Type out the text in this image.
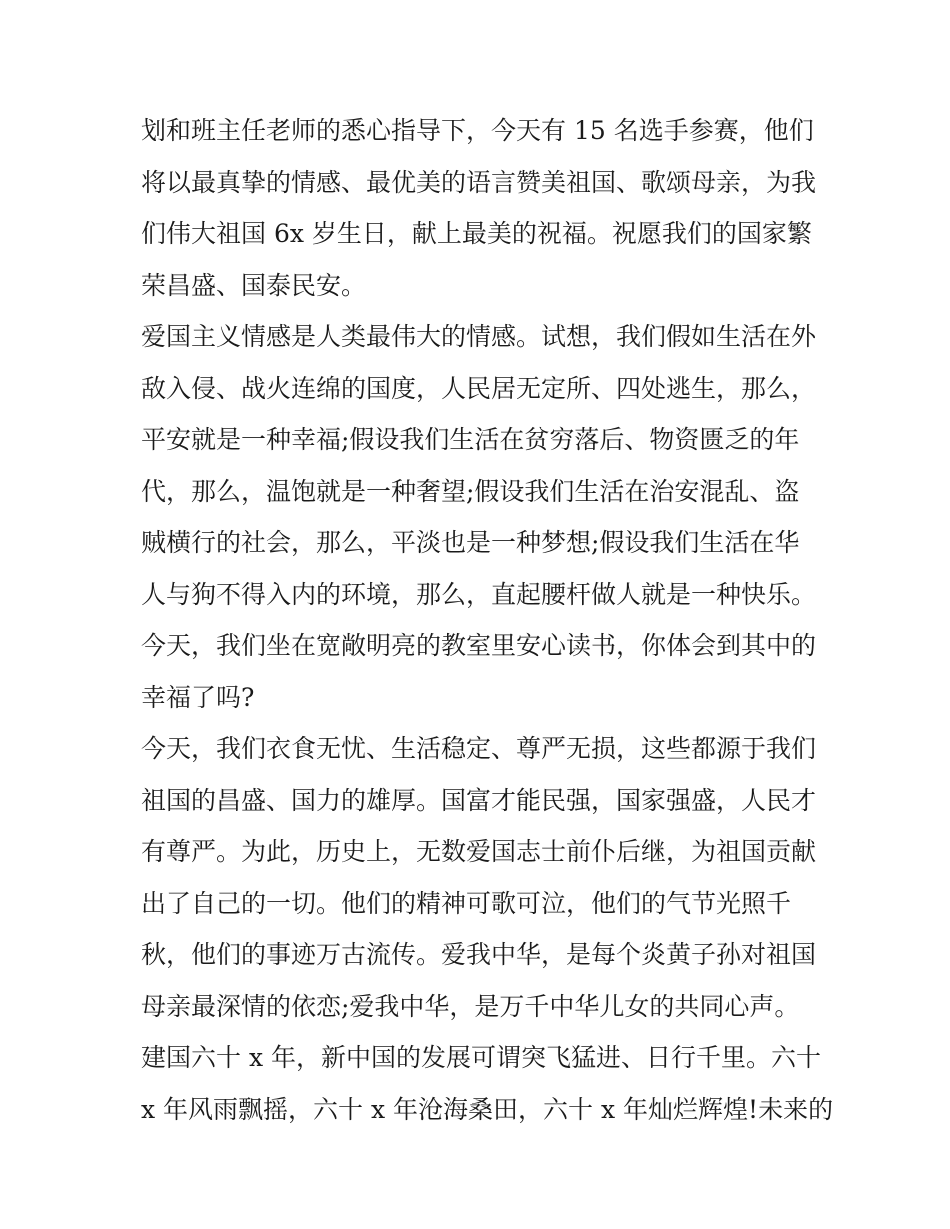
划和班主任老师的悉心指导下，今天有 15 名选手参赛，他们
将以最真挚的情感、最优美的语言赞美祖国、歌颂母亲，为我
们伟大祖国 6x 岁生日，献上最美的祝福。祝愿我们的国家繁
荣昌盛、国泰民安。
爱国主义情感是人类最伟大的情感。试想，我们假如生活在外
敌入侵、战火连绵的国度，人民居无定所、四处逃生，那么，
平安就是一种幸福;假设我们生活在贫穷落后、物资匮乏的年
代，那么，温饱就是一种奢望;假设我们生活在治安混乱、盗
贼横行的社会，那么，平淡也是一种梦想;假设我们生活在华
人与狗不得入内的环境，那么，直起腰杆做人就是一种快乐。
今天，我们坐在宽敞明亮的教室里安心读书，你体会到其中的
幸福了吗?
今天，我们衣食无忧、生活稳定、尊严无损，这些都源于我们
祖国的昌盛、国力的雄厚。国富才能民强，国家强盛，人民才
有尊严。为此，历史上，无数爱国志士前仆后继，为祖国贡献
出了自己的一切。他们的精神可歌可泣，他们的气节光照千
秋，他们的事迹万古流传。爱我中华，是每个炎黄子孙对祖国
母亲最深情的依恋;爱我中华，是万千中华儿女的共同心声。
建国六十 x 年，新中国的发展可谓突飞猛进、日行千里。六十
x 年风雨飘摇，六十 x 年沧海桑田，六十 x 年灿烂辉煌!未来的
